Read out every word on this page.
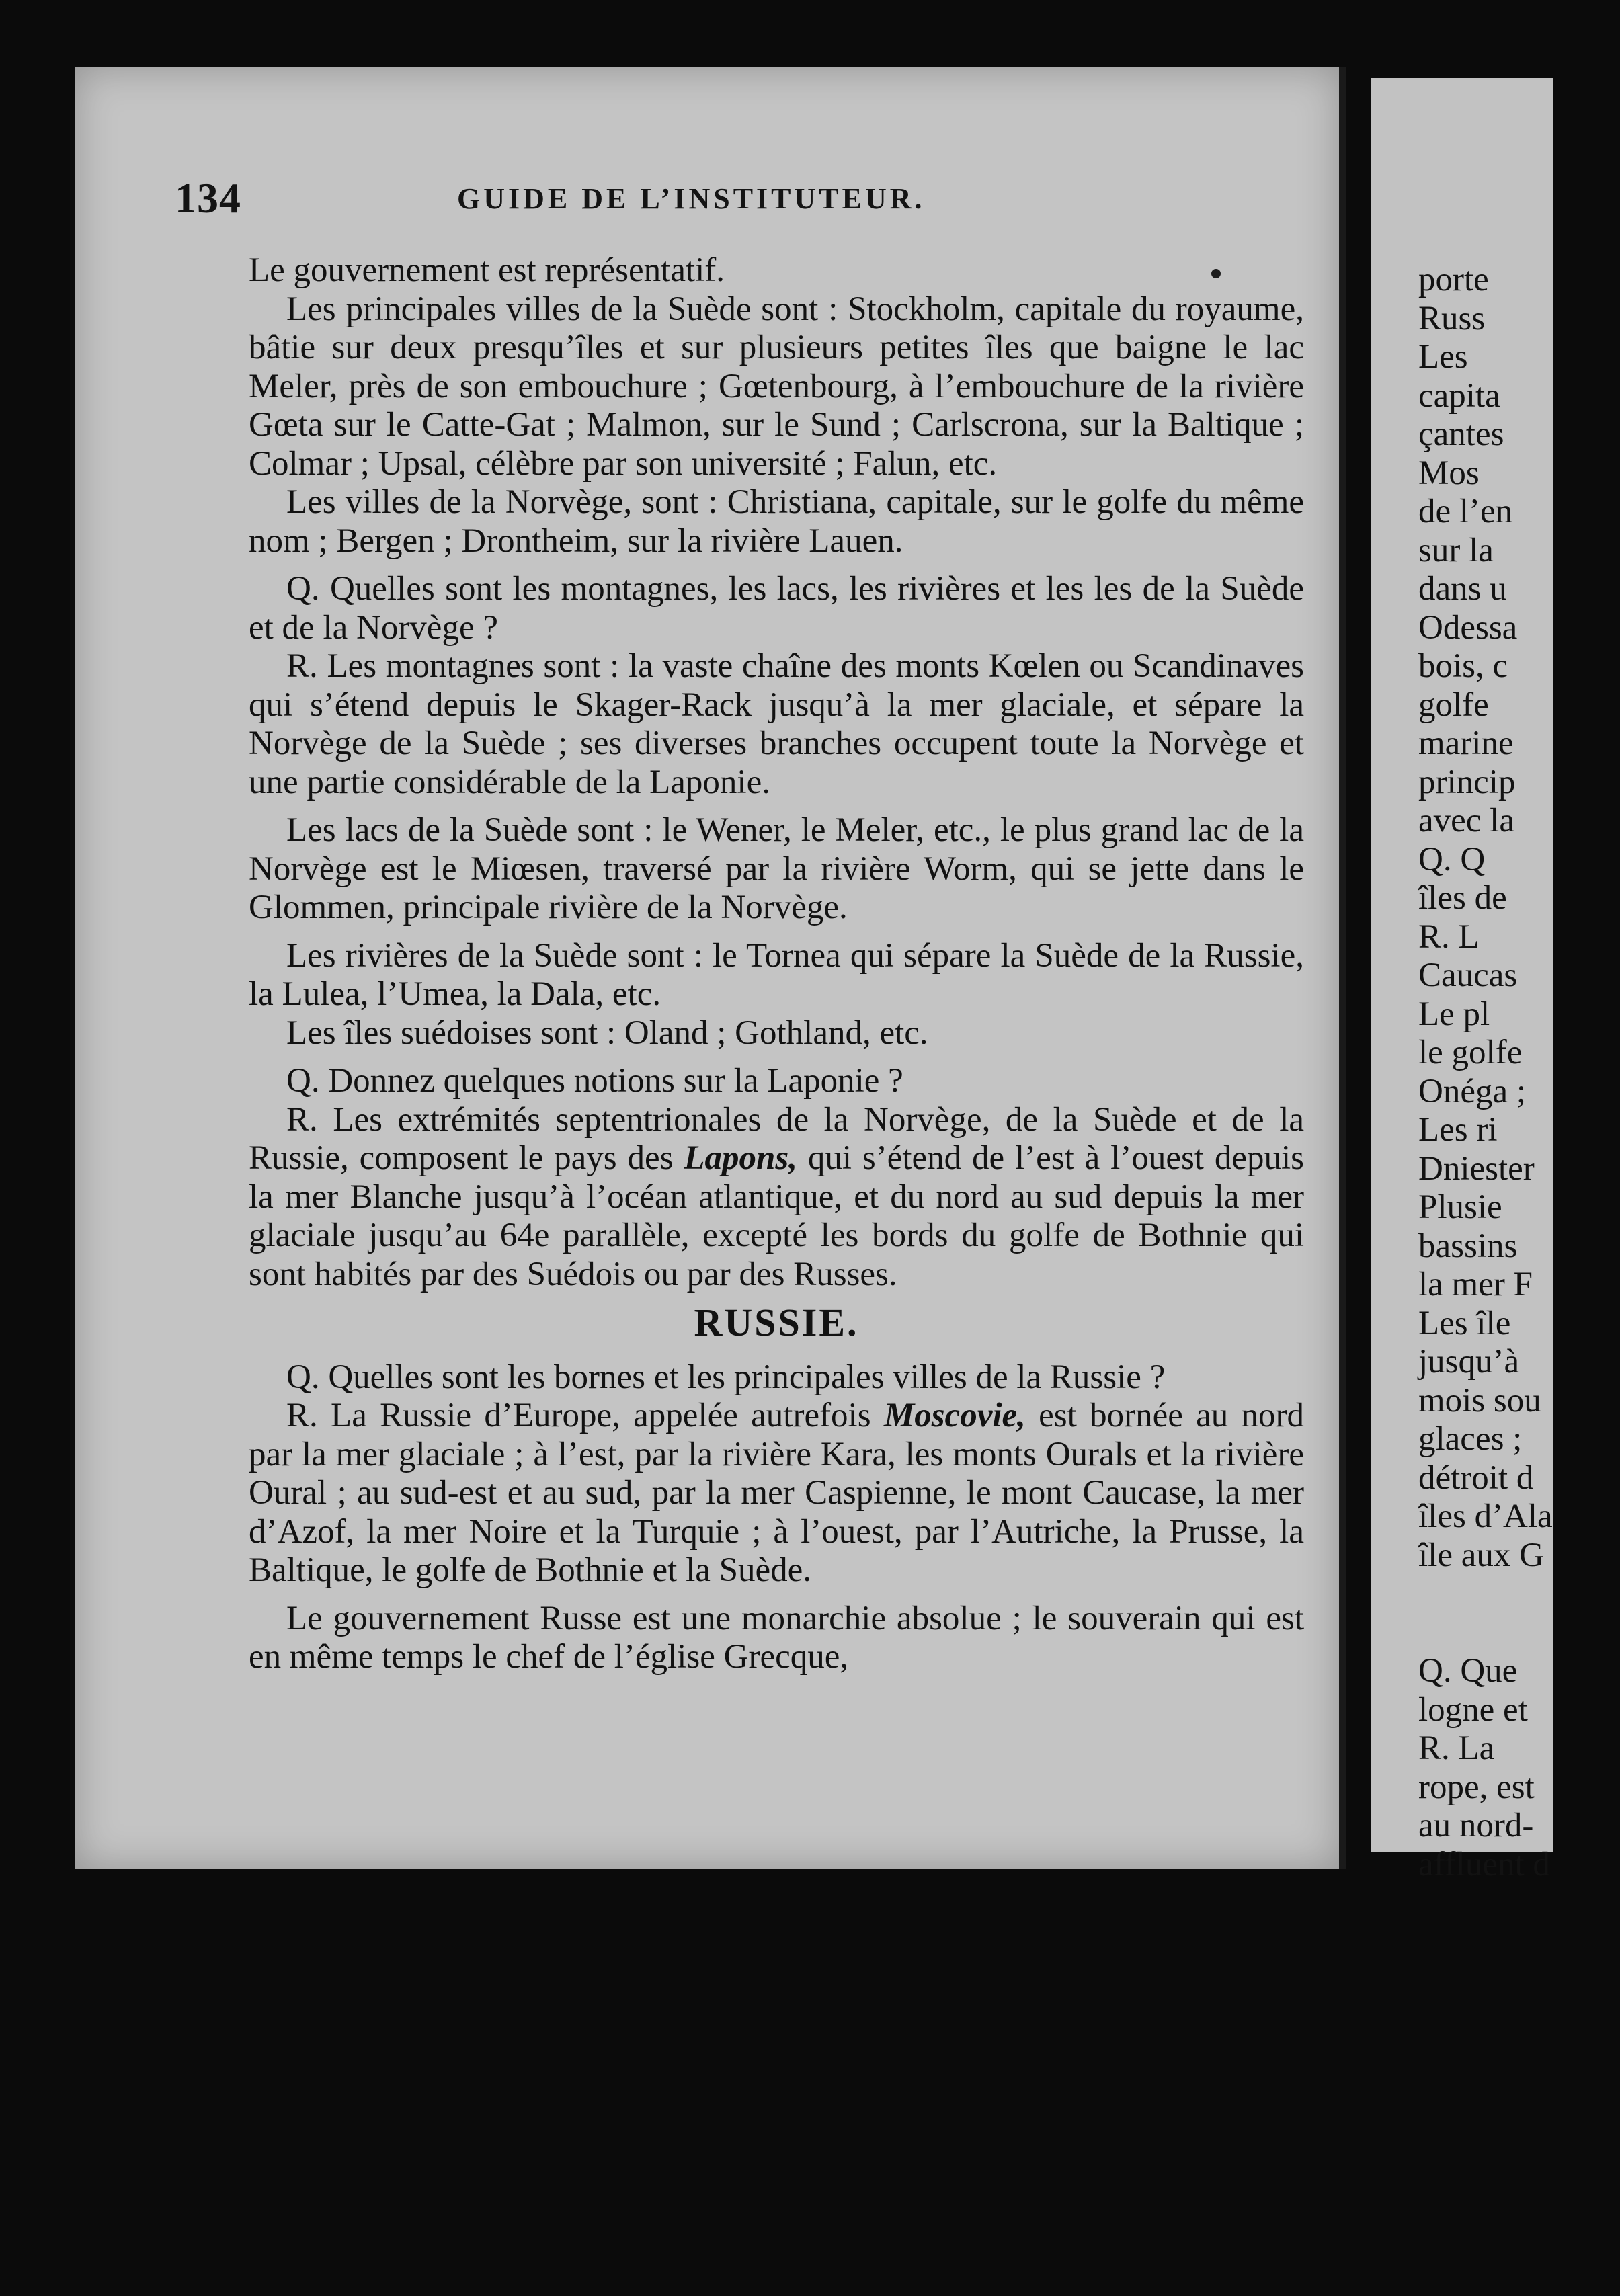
134	GUIDE DE L’INSTITUTEUR.

Le gouvernement est représentatif.

Les principales villes de la Suède sont : Stockholm, capitale du royaume, bâtie sur deux presqu’îles et sur plusieurs petites îles que baigne le lac Meler, près de son embouchure ; Gœtenbourg, à l’embouchure de la rivière Gœta sur le Catte-Gat ; Malmon, sur le Sund ; Carlscrona, sur la Baltique ; Colmar ; Upsal, célèbre par son université ; Falun, etc.

Les villes de la Norvège, sont : Christiana, capitale, sur le golfe du même nom ; Bergen ; Drontheim, sur la rivière Lauen.

Q. Quelles sont les montagnes, les lacs, les rivières et les les de la Suède et de la Norvège ?

R. Les montagnes sont : la vaste chaîne des monts Kœlen ou Scandinaves qui s’étend depuis le Skager-Rack jusqu’à la mer glaciale, et sépare la Norvège de la Suède ; ses diverses branches occupent toute la Norvège et une partie considérable de la Laponie.

Les lacs de la Suède sont : le Wener, le Meler, etc., le plus grand lac de la Norvège est le Miœsen, traversé par la rivière Worm, qui se jette dans le Glommen, principale rivière de la Norvège.

Les rivières de la Suède sont : le Tornea qui sépare la Suède de la Russie, la Lulea, l’Umea, la Dala, etc.

Les îles suédoises sont : Oland ; Gothland, etc.

Q. Donnez quelques notions sur la Laponie ?

R. Les extrémités septentrionales de la Norvège, de la Suède et de la Russie, composent le pays des Lapons, qui s’étend de l’est à l’ouest depuis la mer Blanche jusqu’à l’océan atlantique, et du nord au sud depuis la mer glaciale jusqu’au 64e parallèle, excepté les bords du golfe de Bothnie qui sont habités par des Suédois ou par des Russes.

RUSSIE.

Q. Quelles sont les bornes et les principales villes de la Russie ?

R. La Russie d’Europe, appelée autrefois Moscovie, est bornée au nord par la mer glaciale ; à l’est, par la rivière Kara, les monts Ourals et la rivière Oural ; au sud-est et au sud, par la mer Caspienne, le mont Caucase, la mer d’Azof, la mer Noire et la Turquie ; à l’ouest, par l’Autriche, la Prusse, la Baltique, le golfe de Bothnie et la Suède.

Le gouvernement Russe est une monarchie absolue ; le souverain qui est en même temps le chef de l’église Grecque,

porte
Russ
Les
capita
çantes
Mos
de l’en
sur la
dans u
Odessa
bois, c
golfe
marine
princip
avec la
Q. Q
îles de
R. L
Caucas
Le pl
le golfe
Onéga ;
Les ri
Dniester
Plusie
bassins
la mer F
Les île
jusqu’à
mois sou
glaces ;
détroit d
îles d’Ala
île aux G
Q. Que
logne et
R. La
rope, est
au nord-
affluent d
